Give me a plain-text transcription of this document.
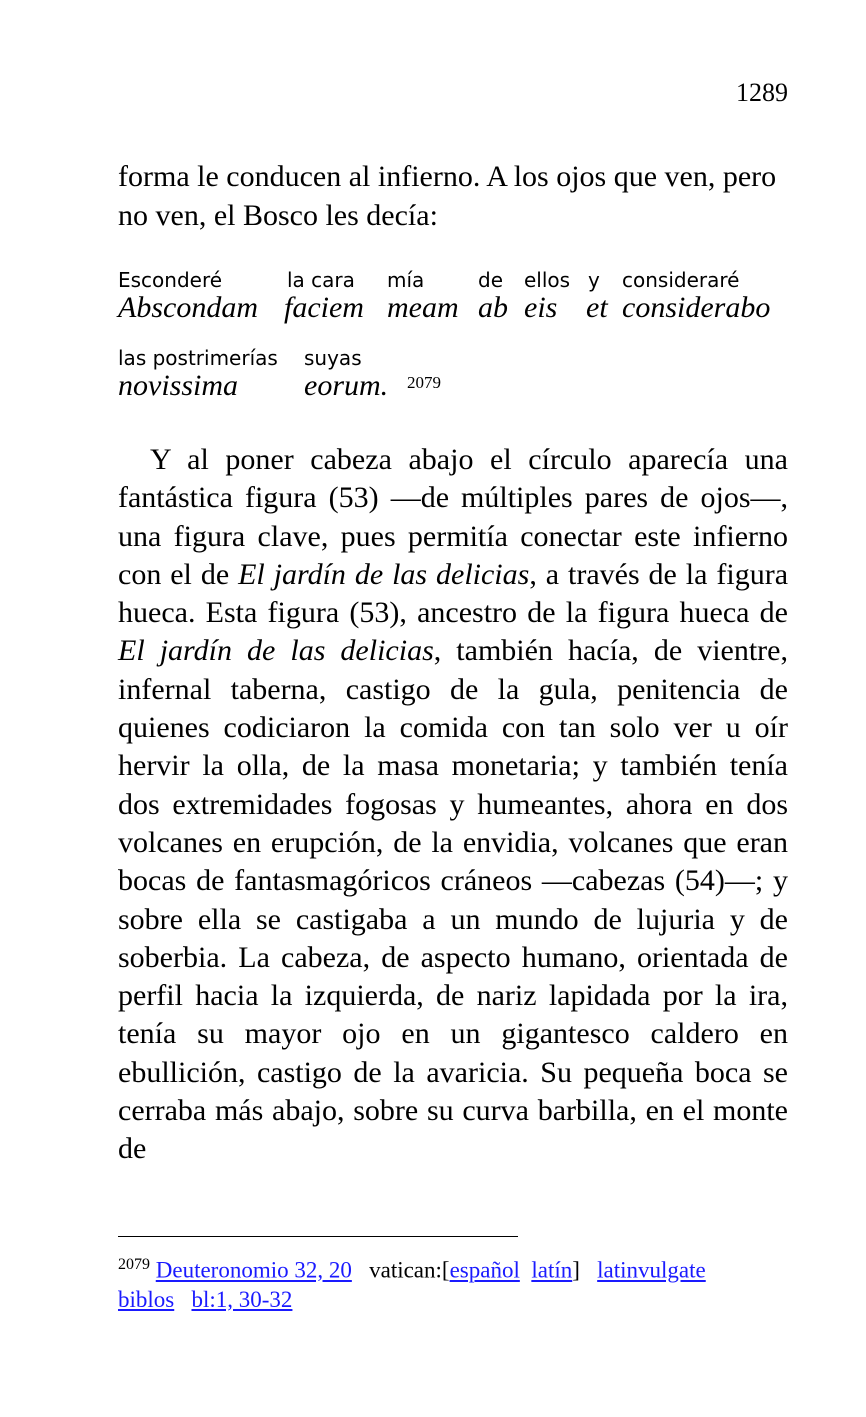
1289

forma le conducen al infierno. A los ojos que ven, pero no ven, el Bosco les decía:

Esconderé
Abscondam
la cara
faciem
mía
meam
de
ab
ellos
eis
y
et
consideraré
considerabo
las postrimerías
novissima
suyas
eorum. 2079

Y al poner cabeza abajo el círculo aparecía una fantástica figura (53) —de múltiples pares de ojos—, una figura clave, pues permitía conectar este infierno con el de El jardín de las delicias, a través de la figura hueca. Esta figura (53), ancestro de la figura hueca de El jardín de las delicias, también hacía, de vientre, infernal taberna, castigo de la gula, penitencia de quienes codiciaron la comida con tan solo ver u oír hervir la olla, de la masa monetaria; y también tenía dos extremidades fogosas y humeantes, ahora en dos volcanes en erupción, de la envidia, volcanes que eran bocas de fantasmagóricos cráneos —cabezas (54)—; y sobre ella se castigaba a un mundo de lujuria y de soberbia. La cabeza, de aspecto humano, orientada de perfil hacia la izquierda, de nariz lapidada por la ira, tenía su mayor ojo en un gigantesco caldero en ebullición, castigo de la avaricia. Su pequeña boca se cerraba más abajo, sobre su curva barbilla, en el monte de

$^{2079}$ Deuteronomio 32, 20 vatican:[español latín] latinvulgate
biblos bl:1, 30-32
